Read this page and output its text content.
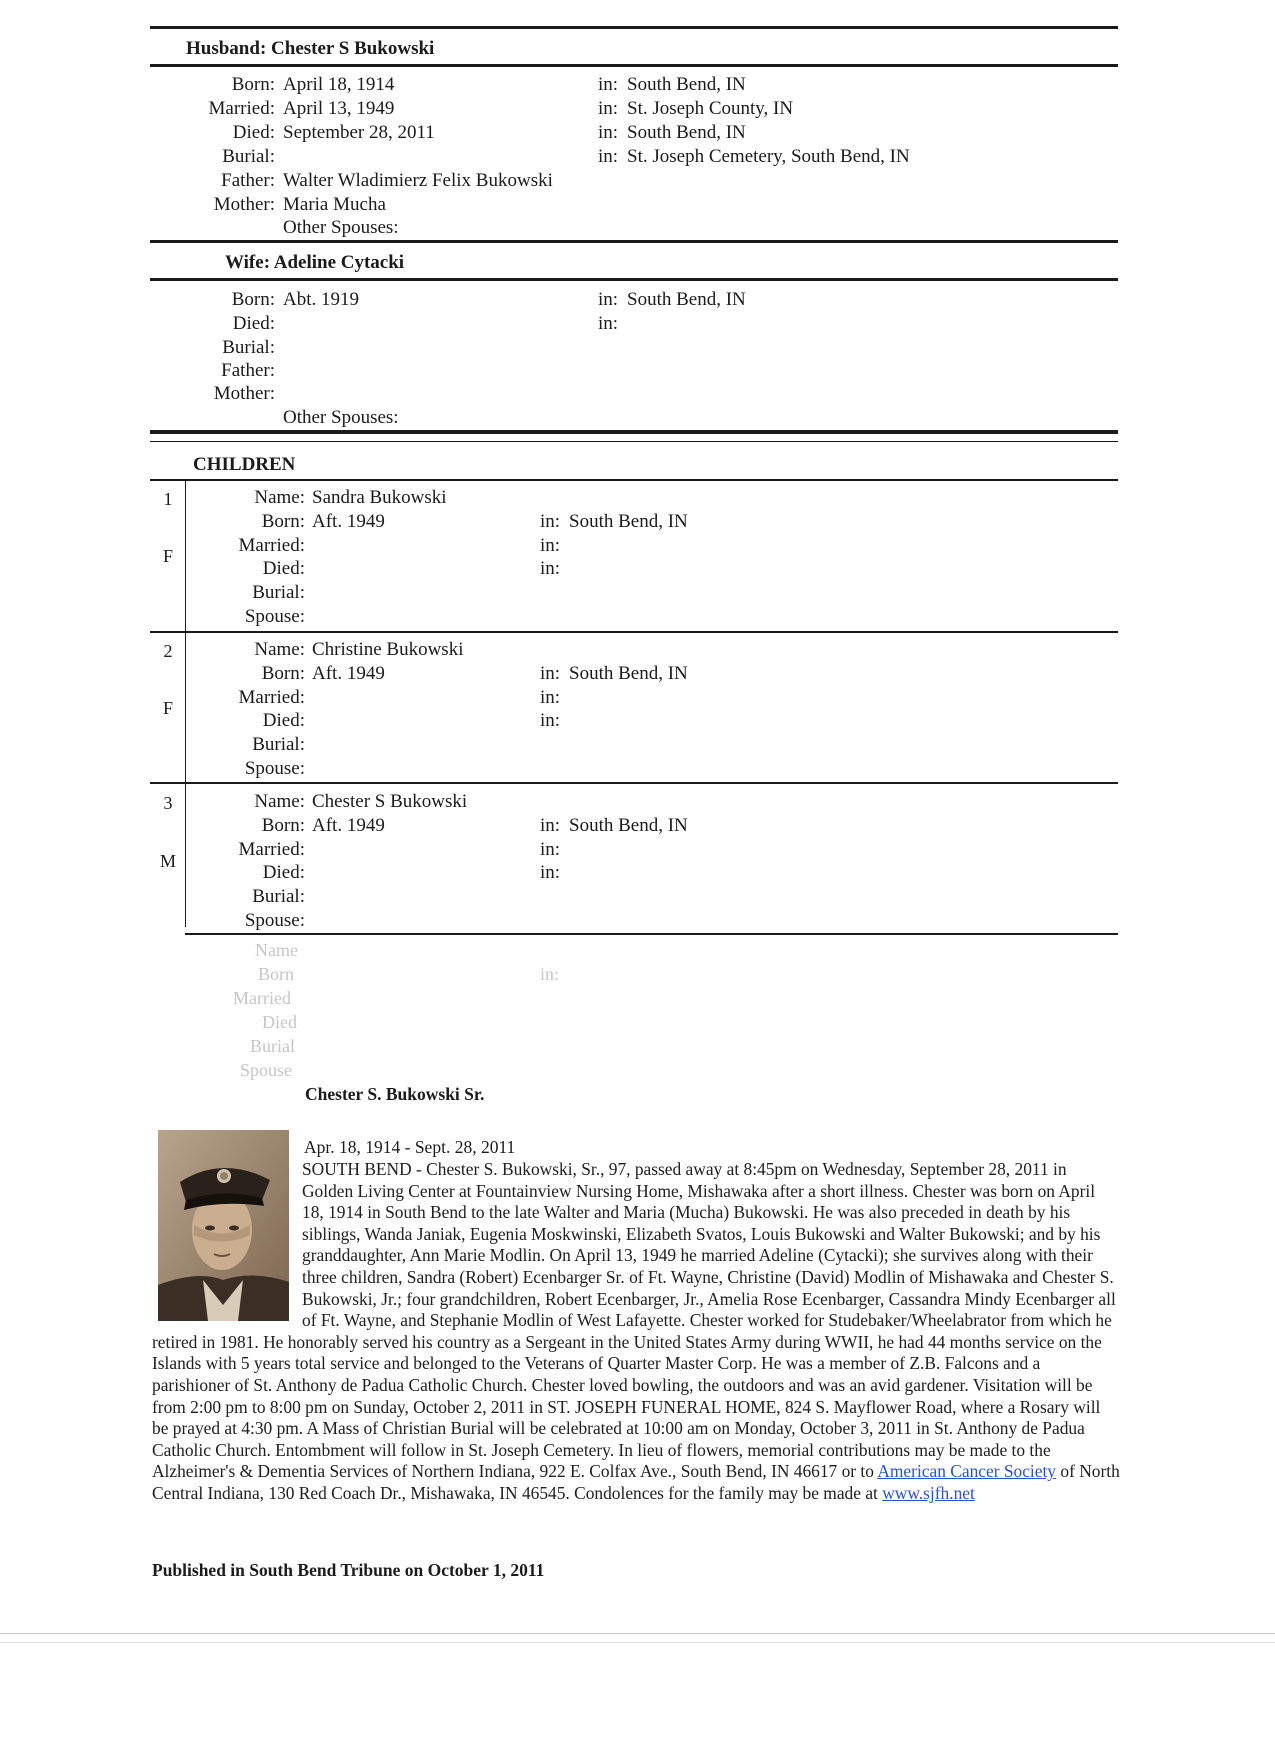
Husband: Chester S Bukowski
Born: April 18, 1914	in: South Bend, IN
Married: April 13, 1949	in: St. Joseph County, IN
Died: September 28, 2011	in: South Bend, IN
Burial:	in: St. Joseph Cemetery, South Bend, IN
Father: Walter Wladimierz Felix Bukowski
Mother: Maria Mucha
Other Spouses:
Wife: Adeline Cytacki
Born: Abt. 1919	in: South Bend, IN
Died:	in:
Burial:
Father:
Mother:
Other Spouses:
CHILDREN
1
F
Name: Sandra Bukowski
Born: Aft. 1949	in: South Bend, IN
Married:	in:
Died:	in:
Burial:
Spouse:
2
F
Name: Christine Bukowski
Born: Aft. 1949	in: South Bend, IN
Married:	in:
Died:	in:
Burial:
Spouse:
3
M
Name: Chester S Bukowski
Born: Aft. 1949	in: South Bend, IN
Married:	in:
Died:	in:
Burial:
Spouse:
Name
Born	in:
Married
Died
Burial
Spouse
Chester S. Bukowski Sr.
Apr. 18, 1914 - Sept. 28, 2011
SOUTH BEND - Chester S. Bukowski, Sr., 97, passed away at 8:45pm on Wednesday, September 28, 2011 in Golden Living Center at Fountainview Nursing Home, Mishawaka after a short illness. Chester was born on April 18, 1914 in South Bend to the late Walter and Maria (Mucha) Bukowski. He was also preceded in death by his siblings, Wanda Janiak, Eugenia Moskwinski, Elizabeth Svatos, Louis Bukowski and Walter Bukowski; and by his granddaughter, Ann Marie Modlin. On April 13, 1949 he married Adeline (Cytacki); she survives along with their three children, Sandra (Robert) Ecenbarger Sr. of Ft. Wayne, Christine (David) Modlin of Mishawaka and Chester S. Bukowski, Jr.; four grandchildren, Robert Ecenbarger, Jr., Amelia Rose Ecenbarger, Cassandra Mindy Ecenbarger all of Ft. Wayne, and Stephanie Modlin of West Lafayette. Chester worked for Studebaker/Wheelabrator from which he retired in 1981. He honorably served his country as a Sergeant in the United States Army during WWII, he had 44 months service on the Islands with 5 years total service and belonged to the Veterans of Quarter Master Corp. He was a member of Z.B. Falcons and a parishioner of St. Anthony de Padua Catholic Church. Chester loved bowling, the outdoors and was an avid gardener. Visitation will be from 2:00 pm to 8:00 pm on Sunday, October 2, 2011 in ST. JOSEPH FUNERAL HOME, 824 S. Mayflower Road, where a Rosary will be prayed at 4:30 pm. A Mass of Christian Burial will be celebrated at 10:00 am on Monday, October 3, 2011 in St. Anthony de Padua Catholic Church. Entombment will follow in St. Joseph Cemetery. In lieu of flowers, memorial contributions may be made to the Alzheimer's & Dementia Services of Northern Indiana, 922 E. Colfax Ave., South Bend, IN 46617 or to American Cancer Society of North Central Indiana, 130 Red Coach Dr., Mishawaka, IN 46545. Condolences for the family may be made at www.sjfh.net
Published in South Bend Tribune on October 1, 2011
